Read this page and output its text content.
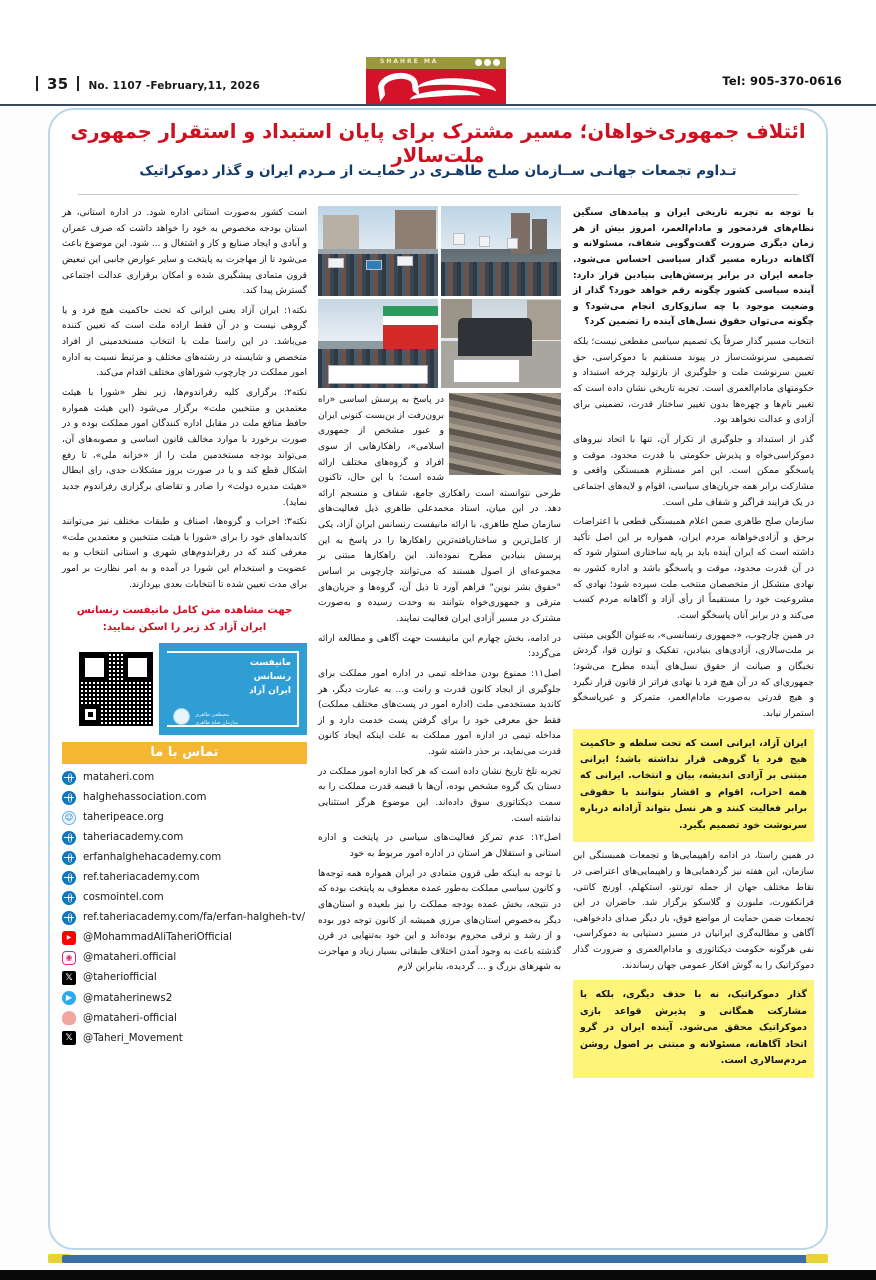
35 No. 1107 -February,11, 2026
SHAHRE MA
Tel: 905-370-0616
ائتلاف جمهوری‌خواهان؛ مسیر مشترک برای پایان استبداد و استقرار جمهوری ملت‌سالار
تـداوم تجمعات جهانـی ســازمان صلـح طاهـری در حمایـت از مـردم ایران و گذار دموکراتیک

با توجه به تجربه تاریخی ایران و پیامدهای سنگین نظام‌های فردمحور و مادام‌العمر، امروز بیش از هر زمان دیگری ضرورت گفت‌وگویی شفاف، مسئولانه و آگاهانه درباره مسیر گذار سیاسی احساس می‌شود. جامعه ایران در برابر پرسش‌هایی بنیادین قرار دارد: آینده سیاسی کشور چگونه رقم خواهد خورد؟ گذار از وضعیت موجود با چه سازوکاری انجام می‌شود؟ و چگونه می‌توان حقوق نسل‌های آینده را تضمین کرد؟

انتخاب مسیر گذار صرفاً یک تصمیم سیاسی مقطعی نیست؛ بلکه تصمیمی سرنوشت‌ساز در پیوند مستقیم با دموکراسی، حق تعیین سرنوشت ملت و جلوگیری از بازتولید چرخه استبداد و حکومتهای مادام‌العمری است. تجربه تاریخی نشان داده است که تغییر نام‌ها و چهره‌ها بدون تغییر ساختار قدرت، تضمینی برای آزادی و عدالت نخواهد بود.

گذر از استبداد و جلوگیری از تکرار آن، تنها با اتحاد نیروهای دموکراسی‌خواه و پذیرش حکومتی با قدرت محدود، موقت و پاسخگو ممکن است. این امر مستلزم همبستگی واقعی و مشارکت برابر همه جریان‌های سیاسی، اقوام و لایه‌های اجتماعی در یک فرایند فراگیر و شفاف ملی است.

سازمان صلح طاهری ضمن اعلام همبستگی قطعی با اعتراضات برحق و آزادی‌خواهانه مردم ایران، همواره بر این اصل تأکید داشته است که ایران آینده باید بر پایه ساختاری استوار شود که در آن قدرت محدود، موقت و پاسخگو باشد و اداره کشور به نهادی متشکل از متخصصان منتخب ملت سپرده شود؛ نهادی که مشروعیت خود را مستقیماً از رأی آزاد و آگاهانه مردم کسب می‌کند و در برابر آنان پاسخگو است.

در همین چارچوب، «جمهوری رنسانسی»، به‌عنوان الگویی مبتنی بر ملت‌سالاری، آزادی‌های بنیادین، تفکیک و توازن قوا، گردش نخبگان و صیانت از حقوق نسل‌های آینده مطرح می‌شود؛ جمهوری‌ای که در آن هیچ فرد یا نهادی فراتر از قانون قرار نگیرد و هیچ قدرتی به‌صورت مادام‌العمر، متمرکز و غیرپاسخگو استمرار نیابد.

ایران آزاد، ایرانی است که تحت سلطه و حاکمیت هیچ فرد یا گروهی قرار نداشته باشد؛ ایرانی مبتنی بر آزادی اندیشه، بیان و انتخاب. ایرانی که همه احزاب، اقوام و اقشار بتوانند با حقوقی برابر فعالیت کنند و هر نسل بتواند آزادانه درباره سرنوشت خود تصمیم بگیرد.

در همین راستا، در ادامه راهپیمایی‌ها و تجمعات همبستگی این سازمان، این هفته نیز گردهمایی‌ها و راهپیمایی‌های اعتراضی در نقاط مختلف جهان از جمله تورنتو، استکهلم، اورنج کانتی، فرانکفورت، ملبورن و گلاسکو برگزار شد. حاضران در این تجمعات ضمن حمایت از مواضع فوق، بار دیگر صدای دادخواهی، آگاهی و مطالبه‌گری ایرانیان در مسیر دستیابی به دموکراسی، نفی هرگونه حکومت دیکتاتوری و مادام‌العمری و ضرورت گذار دموکراتیک را به گوش افکار عمومی جهان رساندند.

گذار دموکراتیک، نه با حذف دیگری، بلکه با مشارکت همگانی و پذیرش قواعد بازی دموکراتیک محقق می‌شود. آینده ایران در گرو اتحاد آگاهانه، مسئولانه و مبتنی بر اصول روشن مردم‌سالاری است.

در پاسخ به پرسش اساسی «راه برون‌رفت از بن‌بست کنونی ایران و عبور مشخص از جمهوری اسلامی»، راهکارهایی از سوی افراد و گروه‌های مختلف ارائه شده است؛ با این حال، تاکنون طرحی نتوانسته است راهکاری جامع، شفاف و منسجم ارائه دهد. در این میان، استاد محمدعلی طاهری ذیل فعالیت‌های سازمان صلح طاهری، با ارائه مانیفست رنسانس ایران آزاد، یکی از کامل‌ترین و ساختاریافته‌ترین راهکارها را در پاسخ به این پرسش بنیادین مطرح نموده‌اند. این راهکارها مبتنی بر مجموعه‌ای از اصول هستند که می‌توانند چارچوبی بر اساس "حقوق بشر نوین" فراهم آورد تا ذیل آن، گروه‌ها و جریان‌های مترقی و جمهوری‌خواه بتوانند به وحدت رسیده و به‌صورت مشترک در مسیر آزادی ایران فعالیت نمایند.

در ادامه، بخش چهارم این مانیفست جهت آگاهی و مطالعه ارائه می‌گردد:

اصل۱۱: ممنوع بودن مداخله تیمی در اداره امور مملکت برای جلوگیری از ایجاد کانون قدرت و رانت و... به عبارت دیگر، هر کاندید مستخدمی ملت (اداره امور در پست‌های مختلف مملکت) فقط حق معرفی خود را برای گرفتن پست خدمت دارد و از مداخله تیمی در اداره امور مملکت به علت اینکه ایجاد کانون قدرت می‌نماید، بر حذر داشته شود.

تجربه تلخ تاریخ نشان داده است که هر کجا اداره امور مملکت در دستان یک گروه مشخص بوده، آن‌ها با قبضه قدرت مملکت را به سمت دیکتاتوری سوق داده‌اند. این موضوع هرگز استثنایی نداشته است.

اصل۱۲: عدم تمرکز فعالیت‌های سیاسی در پایتخت و اداره استانی و استقلال هر استان در اداره امور مربوط به خود

با توجه به اینکه طی قرون متمادی در ایران همواره همه توجه‌ها و کانون سیاسی مملکت به‌طور عمده معطوف به پایتخت بوده که در نتیجه، بخش عمده بودجه مملکت را نیز بلعیده و استان‌های دیگر به‌خصوص استان‌های مرزی همیشه از کانون توجه دور بوده و از رشد و ترقی محروم بوده‌اند و این خود به‌تنهایی در قرن گذشته باعث به وجود آمدن اختلاف طبقاتی بسیار زیاد و مهاجرت به شهرهای بزرگ و ... گردیده، بنابراین لازم

است کشور به‌صورت استانی اداره شود. در اداره استانی، هر استان بودجه مخصوص به خود را خواهد داشت که صرف عمران و آبادی و ایجاد صنایع و کار و اشتغال و ... شود. این موضوع باعث می‌شود تا از مهاجرت به پایتخت و سایر عوارض جانبی این تبعیض قرون متمادی پیشگیری شده و امکان برقراری عدالت اجتماعی گسترش پیدا کند.

نکته۱: ایران آزاد یعنی ایرانی که تحت حاکمیت هیچ فرد و یا گروهی نیست و در آن فقط اراده ملت است که تعیین کننده می‌باشد. در این راستا ملت با انتخاب مستخدمینی از افراد متخصص و شایسته در رشته‌های مختلف و مرتبط نسبت به اداره امور مملکت در چارچوب شوراهای مختلف اقدام می‌کند.

نکته۲: برگزاری کلیه رفراندوم‌ها، زیر نظر «شورا با هیئت معتمدین و منتخبین ملت» برگزار می‌شود (این هیئت همواره حافظ منافع ملت در مقابل اداره کنندگان امور مملکت بوده و در صورت برخورد با موارد مخالف قانون اساسی و مصوبه‌های آن، می‌تواند بودجه مستخدمین ملت را از «خزانه ملی»، تا رفع اشکال قطع کند و یا در صورت بروز مشکلات جدی، رای ابطال «هیئت مدیره دولت» را صادر و تقاضای برگزاری رفراندوم جدید نماید).

نکته۳: احزاب و گروه‌ها، اصناف و طبقات مختلف نیز می‌توانند کاندیداهای خود را برای «شورا با هیئت منتخبین و معتمدین ملت» معرفی کنند که در رفراندوم‌های شهری و استانی انتخاب و به عضویت و استخدام این شورا در آمده و به امر نظارت بر امور برای مدت تعیین شده تا انتخابات بعدی بپردازند.

جهت مشاهده متن کامل مانیفست رنسانس
ایران آزاد کد زیر را اسکن نمایید:
مانیفست
رنسانس
ایران آزاد
مصطفی طاهری
سازمان صلح طاهری
تماس با ما
mataheri.com
halghehassociation.com
☺ taheripeace.org
taheriacademy.com
erfanhalghehacademy.com
ref.taheriacademy.com
cosmointel.com
ref.taheriacademy.com/fa/erfan-halgheh-tv/
▶
@MohammadAliTaheriOfficial
◉	@mataheri.official
𝕏	@taheriofficial
▶	@mataherinews2
@mataheri-official
𝕏	@Taheri_Movement
